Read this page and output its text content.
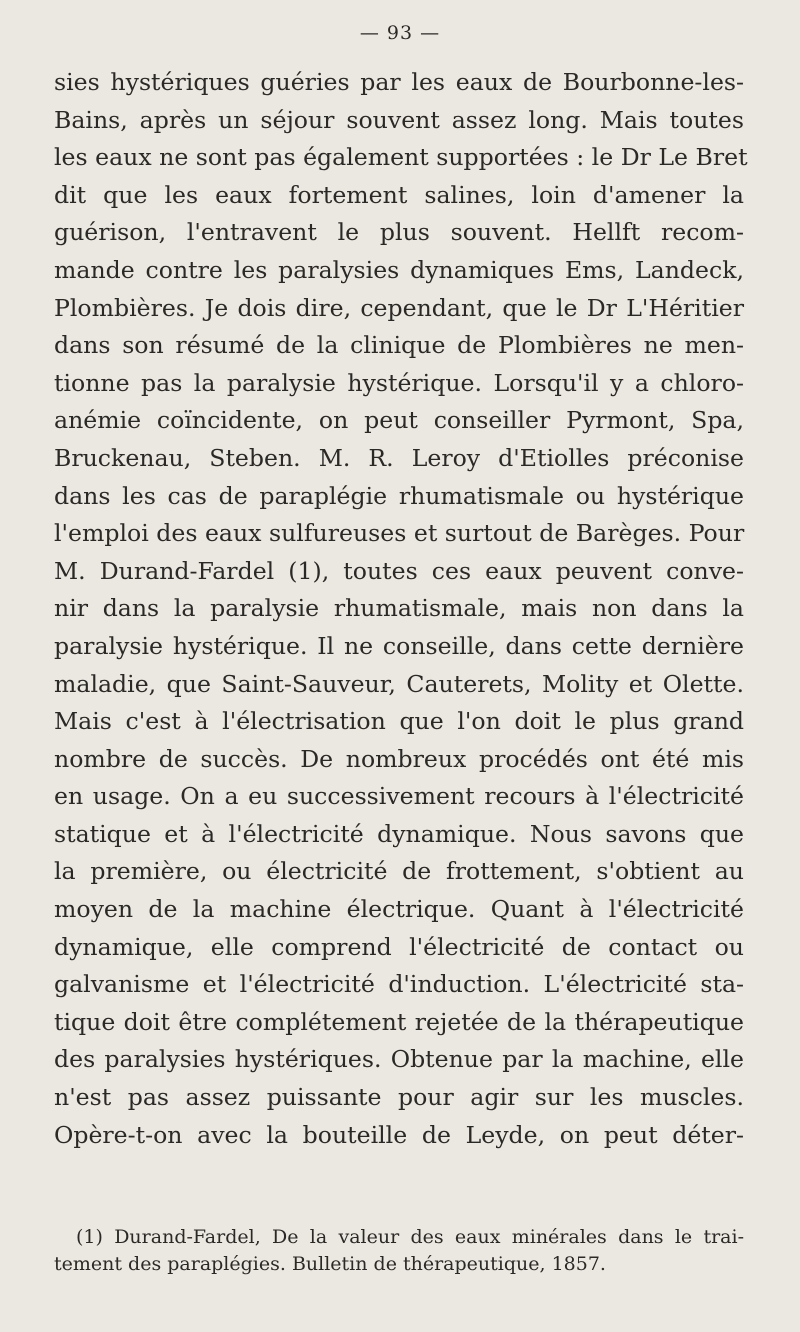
— 93 —
sies hystériques guéries par les eaux de Bourbonne-les-
Bains, après un séjour souvent assez long. Mais toutes
les eaux ne sont pas également supportées : le Dr Le Bret
dit que les eaux fortement salines, loin d'amener la
guérison, l'entravent le plus souvent. Hellft recom-
mande contre les paralysies dynamiques Ems, Landeck,
Plombières. Je dois dire, cependant, que le Dr L'Héritier
dans son résumé de la clinique de Plombières ne men-
tionne pas la paralysie hystérique. Lorsqu'il y a chloro-
anémie coïncidente, on peut conseiller Pyrmont, Spa,
Bruckenau, Steben. M. R. Leroy d'Etiolles préconise
dans les cas de paraplégie rhumatismale ou hystérique
l'emploi des eaux sulfureuses et surtout de Barèges. Pour
M. Durand-Fardel (1), toutes ces eaux peuvent conve-
nir dans la paralysie rhumatismale, mais non dans la
paralysie hystérique. Il ne conseille, dans cette dernière
maladie, que Saint-Sauveur, Cauterets, Molity et Olette.
Mais c'est à l'électrisation que l'on doit le plus grand
nombre de succès. De nombreux procédés ont été mis
en usage. On a eu successivement recours à l'électricité
statique et à l'électricité dynamique. Nous savons que
la première, ou électricité de frottement, s'obtient au
moyen de la machine électrique. Quant à l'électricité
dynamique, elle comprend l'électricité de contact ou
galvanisme et l'électricité d'induction. L'électricité sta-
tique doit être complétement rejetée de la thérapeutique
des paralysies hystériques. Obtenue par la machine, elle
n'est pas assez puissante pour agir sur les muscles.
Opère-t-on avec la bouteille de Leyde, on peut déter-
(1) Durand-Fardel, De la valeur des eaux minérales dans le trai-
tement des paraplégies. Bulletin de thérapeutique, 1857.
